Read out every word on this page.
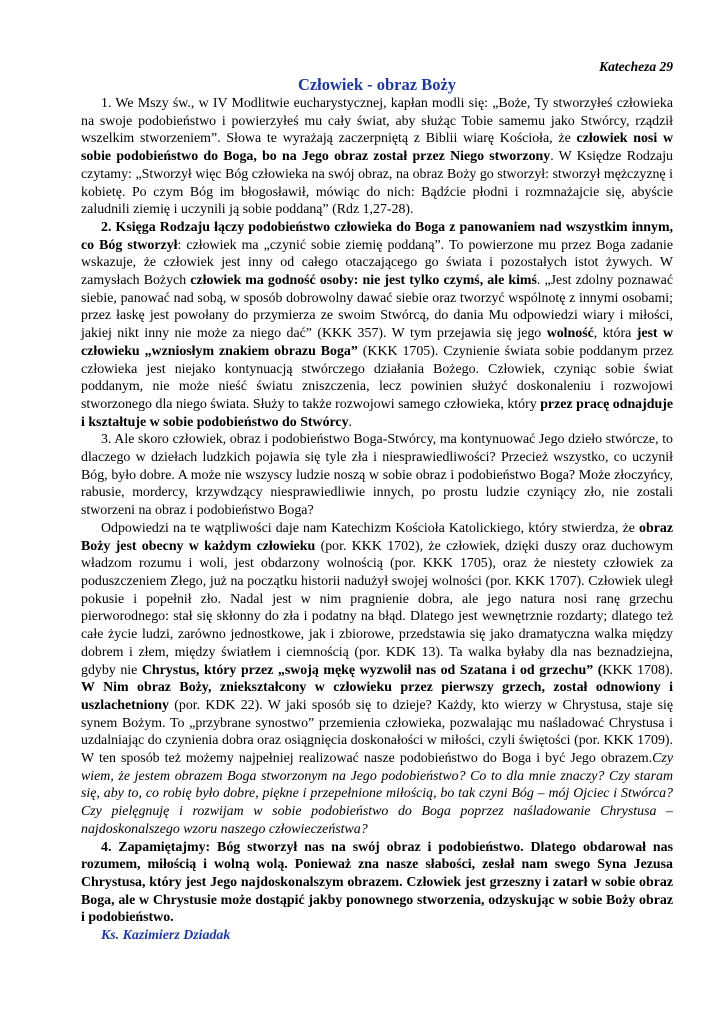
Katecheza 29
Człowiek - obraz Boży

1. We Mszy św., w IV Modlitwie eucharystycznej, kapłan modli się: „Boże, Ty stworzyłeś człowieka na swoje podobieństwo i powierzyłeś mu cały świat, aby służąc Tobie samemu jako Stwórcy, rządził wszelkim stworzeniem”. Słowa te wyrażają zaczerpniętą z Biblii wiarę Kościoła, że człowiek nosi w sobie podobieństwo do Boga, bo na Jego obraz został przez Niego stworzony. W Księdze Rodzaju czytamy: „Stworzył więc Bóg człowieka na swój obraz, na obraz Boży go stworzył: stworzył mężczyznę i kobietę. Po czym Bóg im błogosławił, mówiąc do nich: Bądźcie płodni i rozmnażajcie się, abyście zaludnili ziemię i uczynili ją sobie poddaną” (Rdz 1,27-28).

2. Księga Rodzaju łączy podobieństwo człowieka do Boga z panowaniem nad wszystkim innym, co Bóg stworzył: człowiek ma „czynić sobie ziemię poddaną”. To powierzone mu przez Boga zadanie wskazuje, że człowiek jest inny od całego otaczającego go świata i pozostałych istot żywych. W zamysłach Bożych człowiek ma godność osoby: nie jest tylko czymś, ale kimś. „Jest zdolny poznawać siebie, panować nad sobą, w sposób dobrowolny dawać siebie oraz tworzyć wspólnotę z innymi osobami; przez łaskę jest powołany do przymierza ze swoim Stwórcą, do dania Mu odpowiedzi wiary i miłości, jakiej nikt inny nie może za niego dać” (KKK 357). W tym przejawia się jego wolność, która jest w człowieku „wzniosłym znakiem obrazu Boga” (KKK 1705). Czynienie świata sobie poddanym przez człowieka jest niejako kontynuacją stwórczego działania Bożego. Człowiek, czyniąc sobie świat poddanym, nie może nieść światu zniszczenia, lecz powinien służyć doskonaleniu i rozwojowi stworzonego dla niego świata. Służy to także rozwojowi samego człowieka, który przez pracę odnajduje i kształtuje w sobie podobieństwo do Stwórcy.

3. Ale skoro człowiek, obraz i podobieństwo Boga-Stwórcy, ma kontynuować Jego dzieło stwórcze, to dlaczego w dziełach ludzkich pojawia się tyle zła i niesprawiedliwości? Przecież wszystko, co uczynił Bóg, było dobre. A może nie wszyscy ludzie noszą w sobie obraz i podobieństwo Boga? Może złoczyńcy, rabusie, mordercy, krzywdzący niesprawiedliwie innych, po prostu ludzie czyniący zło, nie zostali stworzeni na obraz i podobieństwo Boga?

Odpowiedzi na te wątpliwości daje nam Katechizm Kościoła Katolickiego, który stwierdza, że obraz Boży jest obecny w każdym człowieku (por. KKK 1702), że człowiek, dzięki duszy oraz duchowym władzom rozumu i woli, jest obdarzony wolnością (por. KKK 1705), oraz że niestety człowiek za poduszczeniem Złego, już na początku historii nadużył swojej wolności (por. KKK 1707). Człowiek uległ pokusie i popełnił zło. Nadal jest w nim pragnienie dobra, ale jego natura nosi ranę grzechu pierworodnego: stał się skłonny do zła i podatny na błąd. Dlatego jest wewnętrznie rozdarty; dlatego też całe życie ludzi, zarówno jednostkowe, jak i zbiorowe, przedstawia się jako dramatyczna walka między dobrem i złem, między światłem i ciemnością (por. KDK 13). Ta walka byłaby dla nas beznadziejna, gdyby nie Chrystus, który przez „swoją mękę wyzwolił nas od Szatana i od grzechu” (KKK 1708). W Nim obraz Boży, zniekształcony w człowieku przez pierwszy grzech, został odnowiony i uszlachetniony (por. KDK 22). W jaki sposób się to dzieje? Każdy, kto wierzy w Chrystusa, staje się synem Bożym. To „przybrane synostwo” przemienia człowieka, pozwalając mu naśladować Chrystusa i uzdalniając do czynienia dobra oraz osiągnięcia doskonałości w miłości, czyli świętości (por. KKK 1709). W ten sposób też możemy najpełniej realizować nasze podobieństwo do Boga i być Jego obrazem.Czy wiem, że jestem obrazem Boga stworzonym na Jego podobieństwo? Co to dla mnie znaczy? Czy staram się, aby to, co robię było dobre, piękne i przepełnione miłością, bo tak czyni Bóg – mój Ojciec i Stwórca? Czy pielęgnuję i rozwijam w sobie podobieństwo do Boga poprzez naśladowanie Chrystusa – najdoskonalszego wzoru naszego człowieczeństwa?

4. Zapamiętajmy: Bóg stworzył nas na swój obraz i podobieństwo. Dlatego obdarował nas rozumem, miłością i wolną wolą. Ponieważ zna nasze słabości, zesłał nam swego Syna Jezusa Chrystusa, który jest Jego najdoskonalszym obrazem. Człowiek jest grzeszny i zatarł w sobie obraz Boga, ale w Chrystusie może dostąpić jakby ponownego stworzenia, odzyskując w sobie Boży obraz i podobieństwo.

Ks. Kazimierz Dziadak
